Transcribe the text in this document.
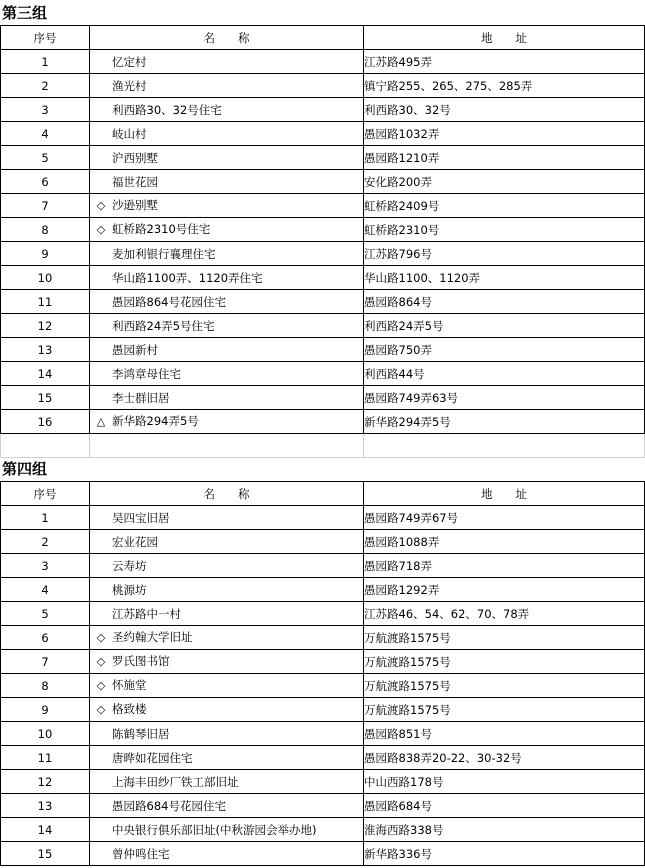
第三组
序号	名　　称	地　　址
1	忆定村	江苏路495弄
2	渔光村	镇宁路255、265、275、285弄
3	利西路30、32号住宅	利西路30、32号
4	岐山村	愚园路1032弄
5	沪西别墅	愚园路1210弄
6	福世花园	安化路200弄
7	◇ 沙逊别墅	虹桥路2409号
8	◇ 虹桥路2310号住宅	虹桥路2310号
9	麦加利银行襄理住宅	江苏路796号
10	华山路1100弄、1120弄住宅	华山路1100、1120弄
11	愚园路864号花园住宅	愚园路864号
12	利西路24弄5号住宅	利西路24弄5号
13	愚园新村	愚园路750弄
14	李鸿章母住宅	利西路44号
15	李士群旧居	愚园路749弄63号
16	△ 新华路294弄5号	新华路294弄5号

第四组
序号	名　　称	地　　址
1	吴四宝旧居	愚园路749弄67号
2	宏业花园	愚园路1088弄
3	云寿坊	愚园路718弄
4	桃源坊	愚园路1292弄
5	江苏路中一村	江苏路46、54、62、70、78弄
6	◇ 圣约翰大学旧址	万航渡路1575号
7	◇ 罗氏图书馆	万航渡路1575号
8	◇ 怀施堂	万航渡路1575号
9	◇ 格致楼	万航渡路1575号
10	陈鹤琴旧居	愚园路851号
11	唐晔如花园住宅	愚园路838弄20-22、30-32号
12	上海丰田纱厂铁工部旧址	中山西路178号
13	愚园路684号花园住宅	愚园路684号
14	中央银行俱乐部旧址(中秋游园会举办地)	淮海西路338号
15	曾仲鸣住宅	新华路336号
